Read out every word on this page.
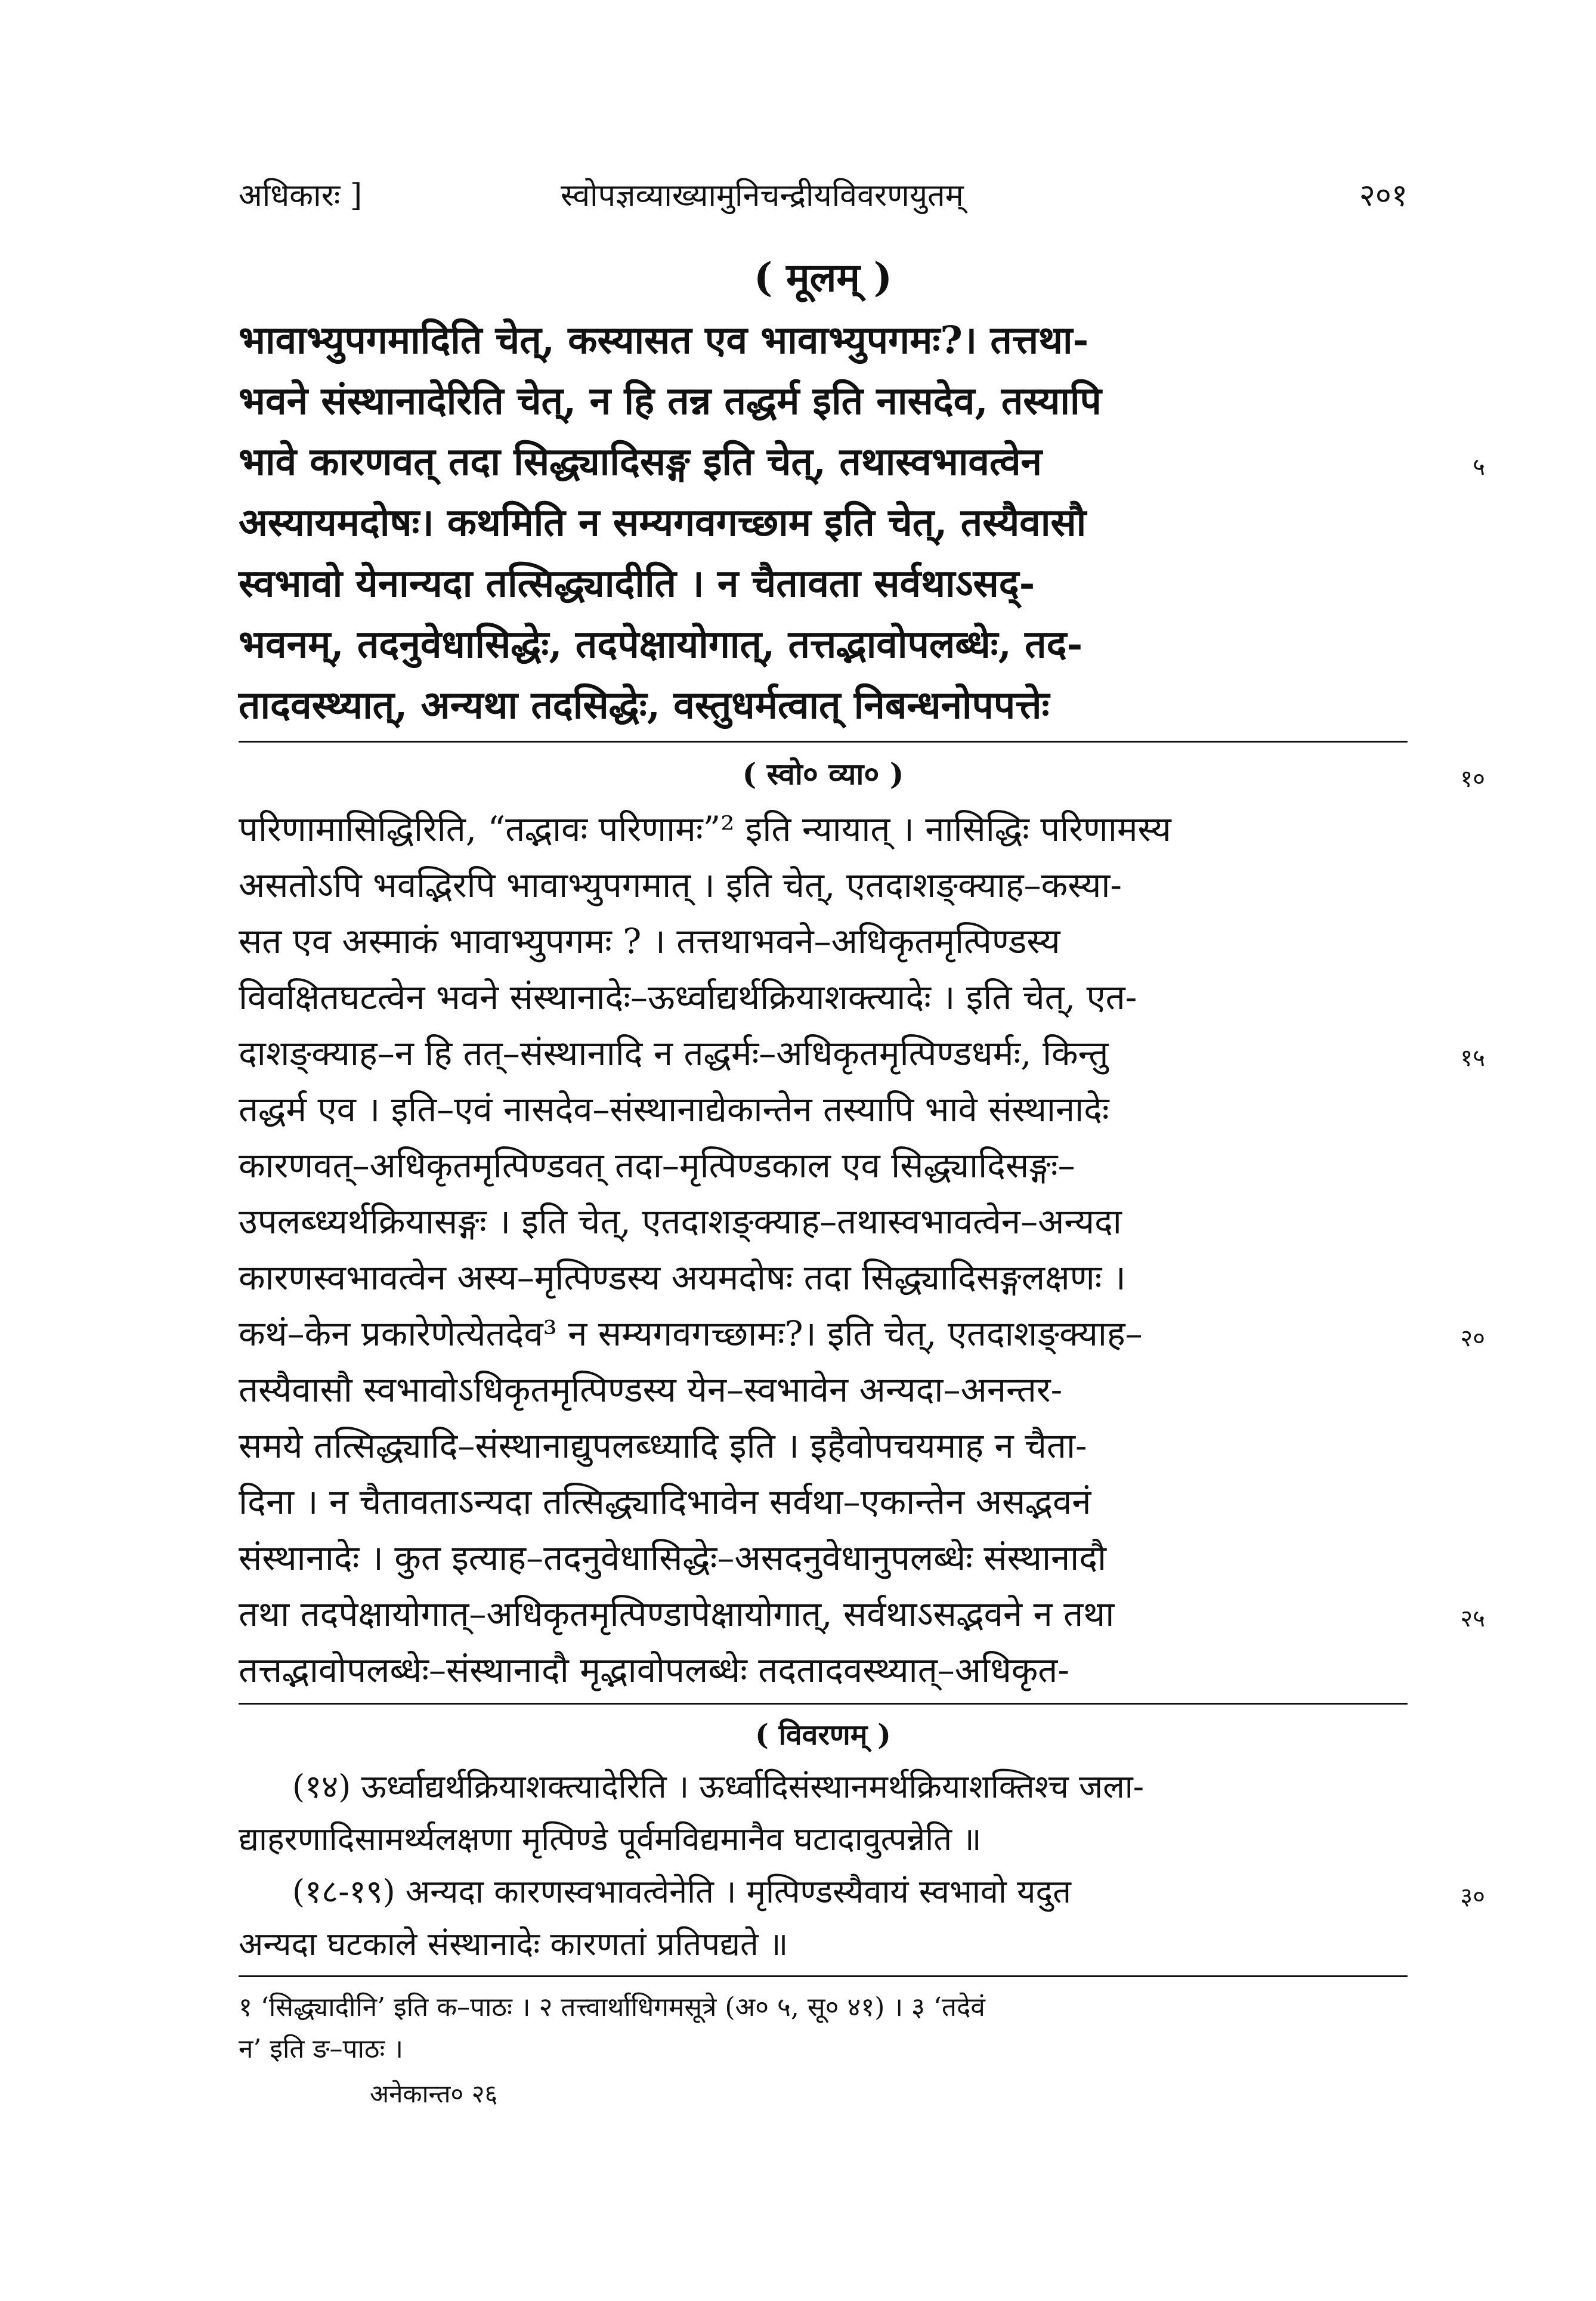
अधिकारः ]	स्वोपज्ञव्याख्यामुनिचन्द्रीयविवरणयुतम्	२०१
( मूलम् )
भावाभ्युपगमादिति चेत्, कस्यासत एव भावाभ्युपगमः?। तत्तथा-
भवने संस्थानादेरिति चेत्, न हि तन्न तद्धर्म इति नासदेव, तस्यापि
भावे कारणवत् तदा सिद्ध्यादिसङ्ग इति चेत्, तथास्वभावत्वेन	५
अस्यायमदोषः। कथमिति न सम्यगवगच्छाम इति चेत्, तस्यैवासौ
स्वभावो येनान्यदा तत्सिद्ध्यादीति । न चैतावता सर्वथाऽसद्-
भवनम्, तदनुवेधासिद्धेः, तदपेक्षायोगात्, तत्तद्भावोपलब्धेः, तद-
तादवस्थ्यात्, अन्यथा तदसिद्धेः, वस्तुधर्मत्वात् निबन्धनोपपत्तेः
( स्वो० व्या० )	१०
परिणामासिद्धिरिति, “तद्भावः परिणामः”² इति न्यायात् । नासिद्धिः परिणामस्य
असतोऽपि भवद्भिरपि भावाभ्युपगमात् । इति चेत्, एतदाशङ्क्याह–कस्या-
सत एव अस्माकं भावाभ्युपगमः ? । तत्तथाभवने–अधिकृतमृत्पिण्डस्य
विवक्षितघटत्वेन भवने संस्थानादेः–ऊर्ध्वाद्यर्थक्रियाशक्त्यादेः । इति चेत्, एत-
दाशङ्क्याह–न हि तत्–संस्थानादि न तद्धर्मः–अधिकृतमृत्पिण्डधर्मः, किन्तु	१५
तद्धर्म एव । इति–एवं नासदेव–संस्थानाद्येकान्तेन तस्यापि भावे संस्थानादेः
कारणवत्–अधिकृतमृत्पिण्डवत् तदा–मृत्पिण्डकाल एव सिद्ध्यादिसङ्गः–
उपलब्ध्यर्थक्रियासङ्गः । इति चेत्, एतदाशङ्क्याह–तथास्वभावत्वेन–अन्यदा
कारणस्वभावत्वेन अस्य–मृत्पिण्डस्य अयमदोषः तदा सिद्ध्यादिसङ्गलक्षणः ।
कथं–केन प्रकारेणेत्येतदेव³ न सम्यगवगच्छामः?। इति चेत्, एतदाशङ्क्याह–	२०
तस्यैवासौ स्वभावोऽधिकृतमृत्पिण्डस्य येन–स्वभावेन अन्यदा–अनन्तर-
समये तत्सिद्ध्यादि–संस्थानाद्युपलब्ध्यादि इति । इहैवोपचयमाह न चैता-
दिना । न चैतावताऽन्यदा तत्सिद्ध्यादिभावेन सर्वथा–एकान्तेन असद्भवनं
संस्थानादेः । कुत इत्याह–तदनुवेधासिद्धेः–असदनुवेधानुपलब्धेः संस्थानादौ
तथा तदपेक्षायोगात्–अधिकृतमृत्पिण्डापेक्षायोगात्, सर्वथाऽसद्भवने न तथा	२५
तत्तद्भावोपलब्धेः–संस्थानादौ मृद्भावोपलब्धेः तदतादवस्थ्यात्–अधिकृत-
( विवरणम् )
(१४) ऊर्ध्वाद्यर्थक्रियाशक्त्यादेरिति । ऊर्ध्वादिसंस्थानमर्थक्रियाशक्तिश्च जला-
द्याहरणादिसामर्थ्यलक्षणा मृत्पिण्डे पूर्वमविद्यमानैव घटादावुत्पन्नेति ॥
(१८-१९) अन्यदा कारणस्वभावत्वेनेति । मृत्पिण्डस्यैवायं स्वभावो यदुत	३०
अन्यदा घटकाले संस्थानादेः कारणतां प्रतिपद्यते ॥
१ ‘सिद्ध्यादीनि’ इति क–पाठः । २ तत्त्वार्थाधिगमसूत्रे (अ० ५, सू० ४१) । ३ ‘तदेवं
न’ इति ङ–पाठः ।
अनेकान्त० २६
